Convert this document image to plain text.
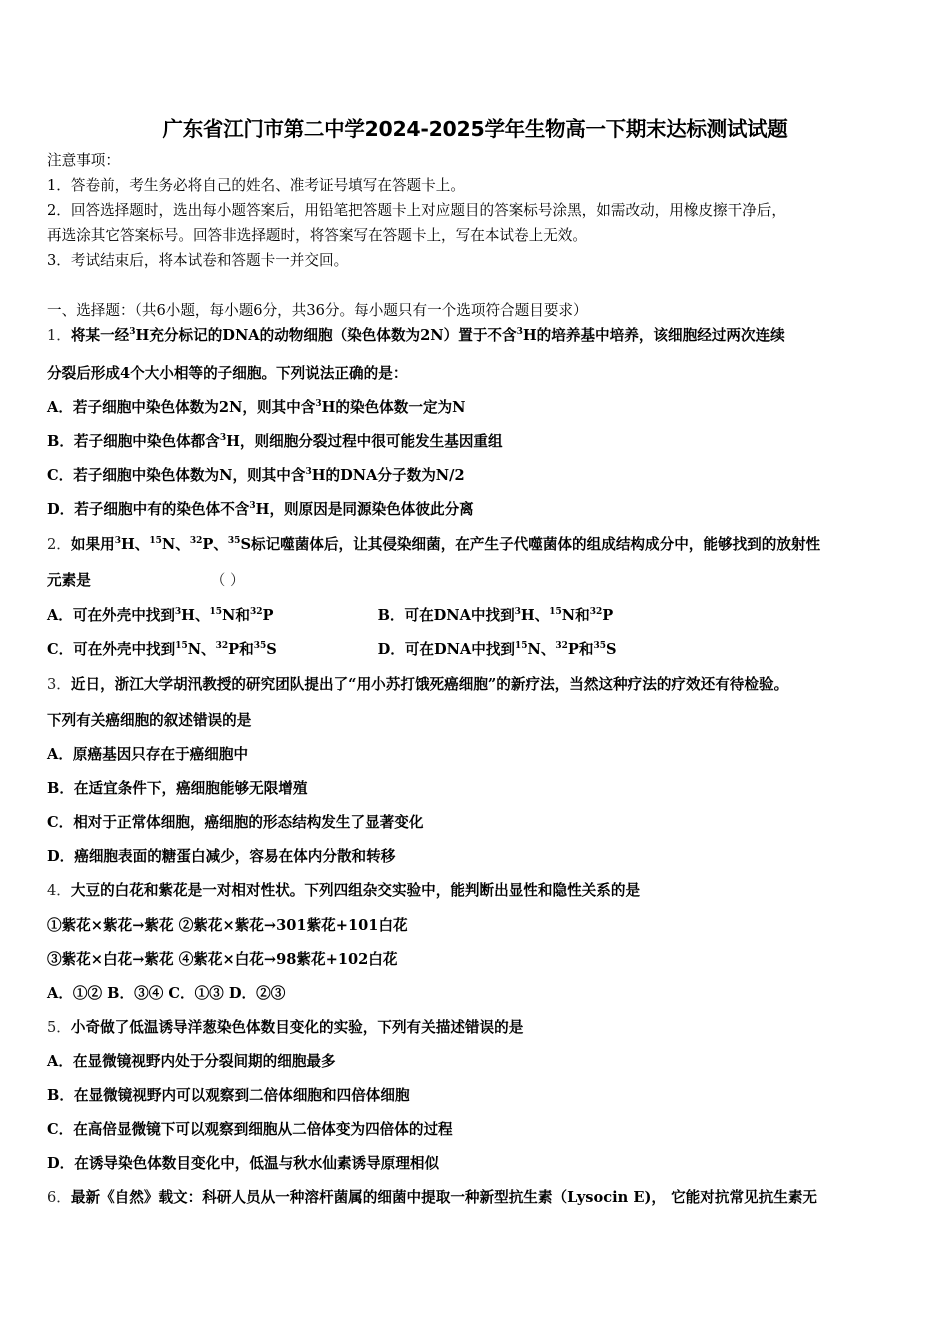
广东省江门市第二中学2024-2025学年生物高一下期末达标测试试题
注意事项：
1．答卷前，考生务必将自己的姓名、准考证号填写在答题卡上。
2．回答选择题时，选出每小题答案后，用铅笔把答题卡上对应题目的答案标号涂黑，如需改动，用橡皮擦干净后，
再选涂其它答案标号。回答非选择题时，将答案写在答题卡上，写在本试卷上无效。
3．考试结束后，将本试卷和答题卡一并交回。
一、选择题：（共6小题，每小题6分，共36分。每小题只有一个选项符合题目要求）
1．将某一经$^3$H充分标记的DNA的动物细胞（染色体数为2N）置于不含$^3$H的培养基中培养，该细胞经过两次连续
分裂后形成4个大小相等的子细胞。下列说法正确的是：
A．若子细胞中染色体数为2N，则其中含$^3$H的染色体数一定为N
B．若子细胞中染色体都含$^3$H，则细胞分裂过程中很可能发生基因重组
C．若子细胞中染色体数为N，则其中含$^3$H的DNA分子数为N/2
D．若子细胞中有的染色体不含$^3$H，则原因是同源染色体彼此分离
2．如果用$^3$H、$^{15}$N、$^{32}$P、$^{35}$S标记噬菌体后，让其侵染细菌，在产生子代噬菌体的组成结构成分中，能够找到的放射性
元素是	（ ）
A．可在外壳中找到$^3$H、$^{15}$N和$^{32}$P	B．可在DNA中找到$^3$H、$^{15}$N和$^{32}$P
C．可在外壳中找到$^{15}$N、$^{32}$P和$^{35}$S	D．可在DNA中找到$^{15}$N、$^{32}$P和$^{35}$S
3．近日，浙江大学胡汛教授的研究团队提出了“用小苏打饿死癌细胞”的新疗法，当然这种疗法的疗效还有待检验。
下列有关癌细胞的叙述错误的是
A．原癌基因只存在于癌细胞中
B．在适宜条件下，癌细胞能够无限增殖
C．相对于正常体细胞，癌细胞的形态结构发生了显著变化
D．癌细胞表面的糖蛋白减少，容易在体内分散和转移
4．大豆的白花和紫花是一对相对性状。下列四组杂交实验中，能判断出显性和隐性关系的是
①紫花×紫花→紫花 ②紫花×紫花→301紫花+101白花
③紫花×白花→紫花 ④紫花×白花→98紫花+102白花
A．①② B．③④ C．①③ D．②③
5．小奇做了低温诱导洋葱染色体数目变化的实验，下列有关描述错误的是
A．在显微镜视野内处于分裂间期的细胞最多
B．在显微镜视野内可以观察到二倍体细胞和四倍体细胞
C．在高倍显微镜下可以观察到细胞从二倍体变为四倍体的过程
D．在诱导染色体数目变化中，低温与秋水仙素诱导原理相似
6．最新《自然》载文：科研人员从一种溶杆菌属的细菌中提取一种新型抗生素（Lysocin E)， 它能对抗常见抗生素无
